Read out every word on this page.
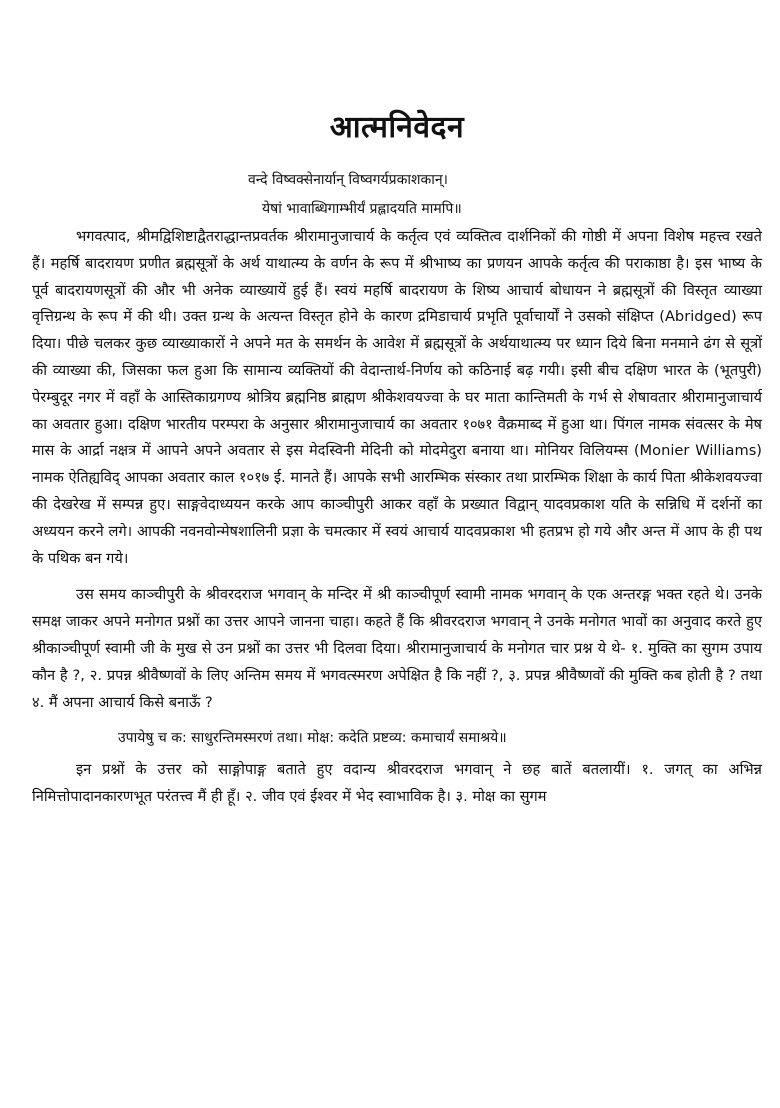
आत्मनिवेदन

वन्दे विष्वक्सेनार्यान् विष्वगर्यप्रकाशकान्।

येषां भावाब्धिगाम्भीर्यं प्रह्लादयति मामपि॥

भगवत्पाद, श्रीमद्विशिष्टाद्वैतराद्धान्तप्रवर्तक श्रीरामानुजाचार्य के कर्तृत्व एवं व्यक्तित्व दार्शनिकों की गोष्ठी में अपना विशेष महत्त्व रखते हैं। महर्षि बादरायण प्रणीत ब्रह्मसूत्रों के अर्थ याथात्म्य के वर्णन के रूप में श्रीभाष्य का प्रणयन आपके कर्तृत्व की पराकाष्ठा है। इस भाष्य के पूर्व बादरायणसूत्रों की और भी अनेक व्याख्यायें हुई हैं। स्वयं महर्षि बादरायण के शिष्य आचार्य बोधायन ने ब्रह्मसूत्रों की विस्तृत व्याख्या वृत्तिग्रन्थ के रूप में की थी। उक्त ग्रन्थ के अत्यन्त विस्तृत होने के कारण द्रमिडाचार्य प्रभृति पूर्वाचार्यों ने उसको संक्षिप्त (Abridged) रूप दिया। पीछे चलकर कुछ व्याख्याकारों ने अपने मत के समर्थन के आवेश में ब्रह्मसूत्रों के अर्थयाथात्म्य पर ध्यान दिये बिना मनमाने ढंग से सूत्रों की व्याख्या की, जिसका फल हुआ कि सामान्य व्यक्तियों की वेदान्तार्थ-निर्णय को कठिनाई बढ़ गयी। इसी बीच दक्षिण भारत के (भूतपुरी) पेरम्बुदूर नगर में वहाँ के आस्तिकाग्रगण्य श्रोत्रिय ब्रह्मनिष्ठ ब्राह्मण श्रीकेशवयज्वा के घर माता कान्तिमती के गर्भ से शेषावतार श्रीरामानुजाचार्य का अवतार हुआ। दक्षिण भारतीय परम्परा के अनुसार श्रीरामानुजाचार्य का अवतार १०७१ वैक्रमाब्द में हुआ था। पिंगल नामक संवत्सर के मेष मास के आर्द्रा नक्षत्र में आपने अपने अवतार से इस मेदस्विनी मेदिनी को मोदमेदुरा बनाया था। मोनियर विलियम्स (Monier Williams) नामक ऐतिह्यविद् आपका अवतार काल १०१७ ई. मानते हैं। आपके सभी आरम्भिक संस्कार तथा प्रारम्भिक शिक्षा के कार्य पिता श्रीकेशवयज्वा की देखरेख में सम्पन्न हुए। साङ्गवेदाध्ययन करके आप काञ्चीपुरी आकर वहाँ के प्रख्यात विद्वान् यादवप्रकाश यति के सन्निधि में दर्शनों का अध्ययन करने लगे। आपकी नवनवोन्मेषशालिनी प्रज्ञा के चमत्कार में स्वयं आचार्य यादवप्रकाश भी हतप्रभ हो गये और अन्त में आप के ही पथ के पथिक बन गये।

उस समय काञ्चीपुरी के श्रीवरदराज भगवान् के मन्दिर में श्री काञ्चीपूर्ण स्वामी नामक भगवान् के एक अन्तरङ्ग भक्त रहते थे। उनके समक्ष जाकर अपने मनोगत प्रश्नों का उत्तर आपने जानना चाहा। कहते हैं कि श्रीवरदराज भगवान् ने उनके मनोगत भावों का अनुवाद करते हुए श्रीकाञ्चीपूर्ण स्वामी जी के मुख से उन प्रश्नों का उत्तर भी दिलवा दिया। श्रीरामानुजाचार्य के मनोगत चार प्रश्न ये थे- १. मुक्ति का सुगम उपाय कौन है ?, २. प्रपन्न श्रीवैष्णवों के लिए अन्तिम समय में भगवत्स्मरण अपेक्षित है कि नहीं ?, ३. प्रपन्न श्रीवैष्णवों की मुक्ति कब होती है ? तथा ४. मैं अपना आचार्य किसे बनाऊँ ?

उपायेषु च क: साधुरन्तिमस्मरणं तथा। मोक्ष: कदेति प्रष्टव्य: कमाचार्यं समाश्रये॥

इन प्रश्नों के उत्तर को साङ्गोपाङ्ग बताते हुए वदान्य श्रीवरदराज भगवान् ने छह बातें बतलायीं। १. जगत् का अभिन्न निमित्तोपादानकारणभूत परंतत्त्व मैं ही हूँ। २. जीव एवं ईश्वर में भेद स्वाभाविक है। ३. मोक्ष का सुगम
